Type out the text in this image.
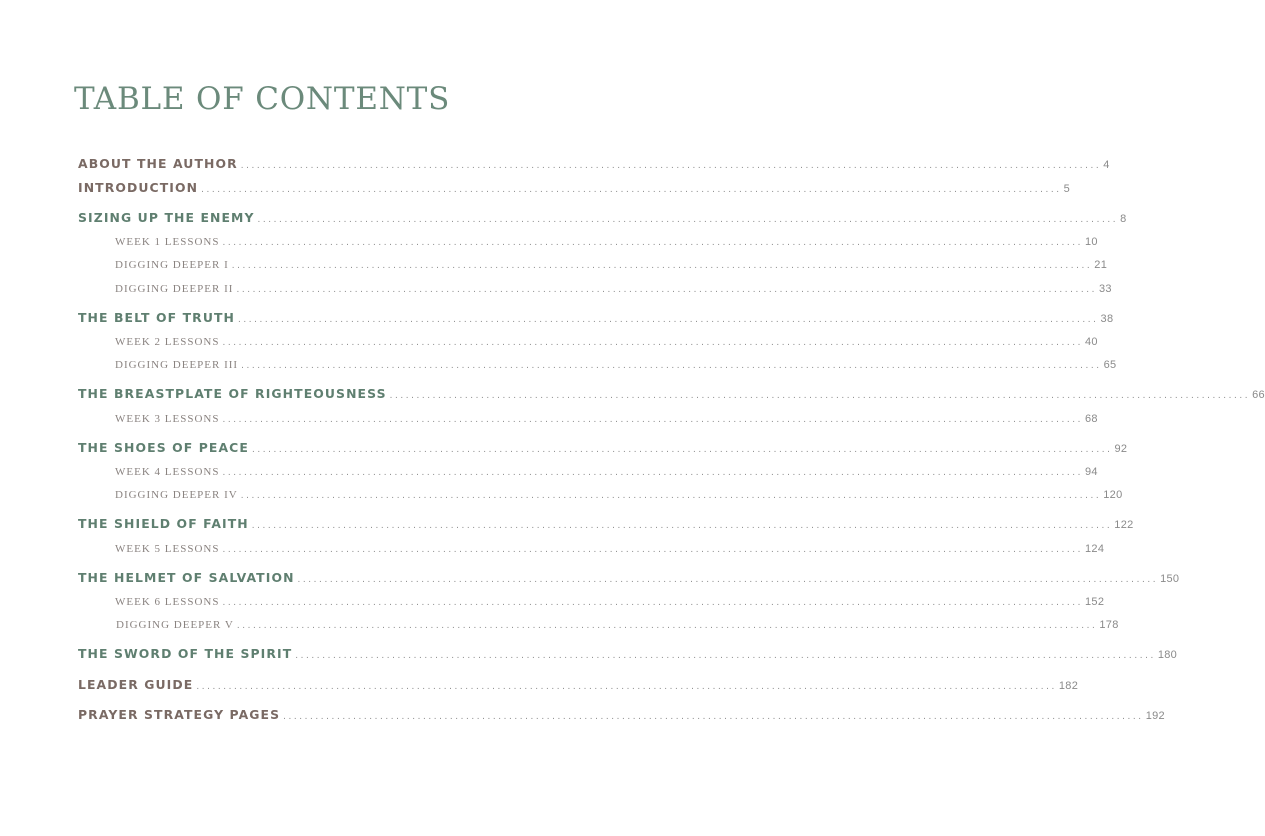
TABLE OF CONTENTS
ABOUT THE AUTHOR ................................................................................................................................................................ 4
INTRODUCTION ................................................................................................................................................................ 5
SIZING UP THE ENEMY ................................................................................................................................................................ 8
WEEK 1 LESSONS ................................................................................................................................................................ 10
DIGGING DEEPER I ................................................................................................................................................................ 21
DIGGING DEEPER II ................................................................................................................................................................ 33
THE BELT OF TRUTH ................................................................................................................................................................ 38
WEEK 2 LESSONS ................................................................................................................................................................ 40
DIGGING DEEPER III ................................................................................................................................................................ 65
THE BREASTPLATE OF RIGHTEOUSNESS ................................................................................................................................................................ 66
WEEK 3 LESSONS ................................................................................................................................................................ 68
THE SHOES OF PEACE ................................................................................................................................................................ 92
WEEK 4 LESSONS ................................................................................................................................................................ 94
DIGGING DEEPER IV ................................................................................................................................................................ 120
THE SHIELD OF FAITH ................................................................................................................................................................ 122
WEEK 5 LESSONS ................................................................................................................................................................ 124
THE HELMET OF SALVATION ................................................................................................................................................................ 150
WEEK 6 LESSONS ................................................................................................................................................................ 152
DIGGING DEEPER V ................................................................................................................................................................ 178
THE SWORD OF THE SPIRIT ................................................................................................................................................................ 180
LEADER GUIDE ................................................................................................................................................................ 182
PRAYER STRATEGY PAGES ................................................................................................................................................................ 192
